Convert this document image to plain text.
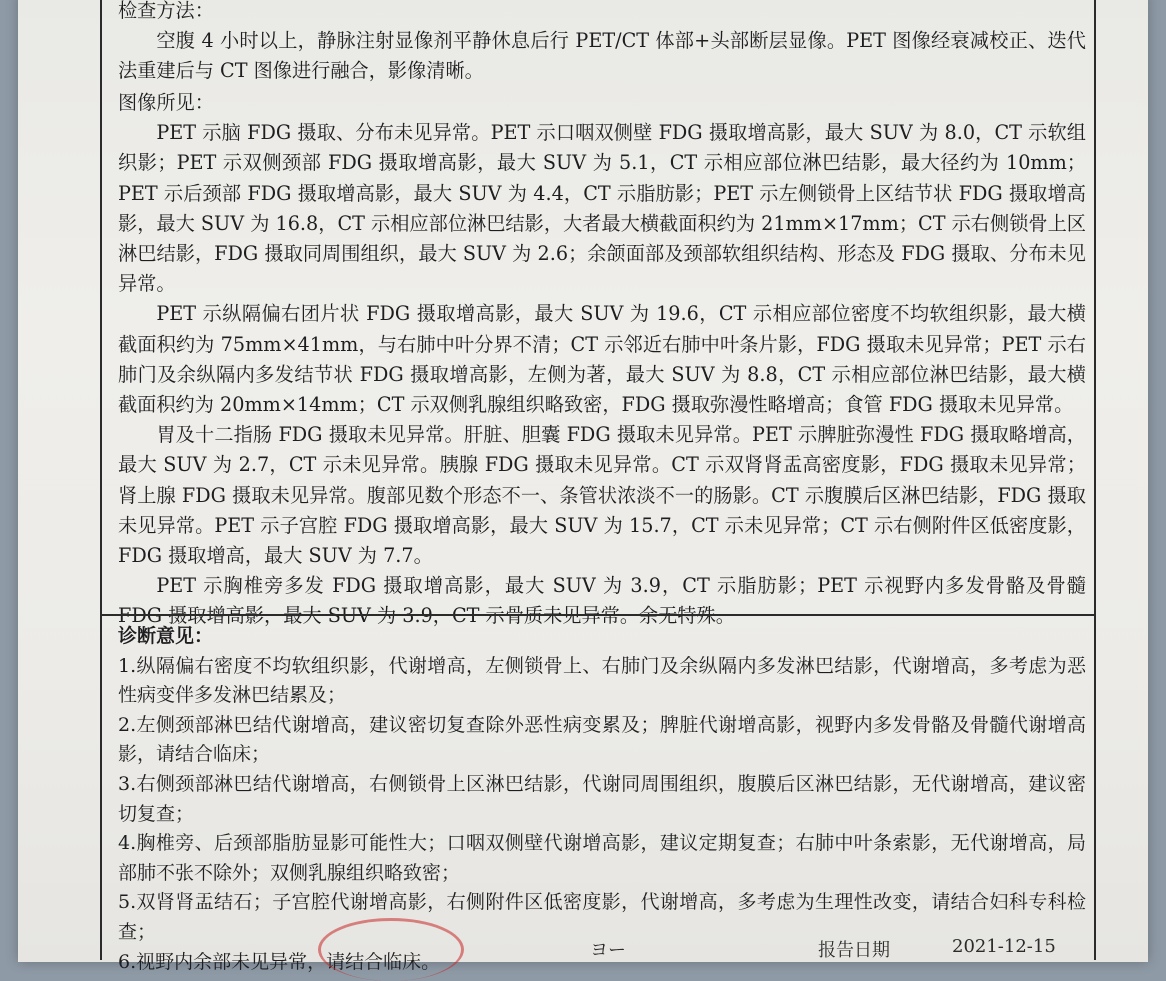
检查方法：

空腹 4 小时以上，静脉注射显像剂平静休息后行 PET/CT 体部+头部断层显像。PET 图像经衰减校正、迭代法重建后与 CT 图像进行融合，影像清晰。

图像所见：

PET 示脑 FDG 摄取、分布未见异常。PET 示口咽双侧壁 FDG 摄取增高影，最大 SUV 为 8.0，CT 示软组织影；PET 示双侧颈部 FDG 摄取增高影，最大 SUV 为 5.1，CT 示相应部位淋巴结影，最大径约为 10mm；PET 示后颈部 FDG 摄取增高影，最大 SUV 为 4.4，CT 示脂肪影；PET 示左侧锁骨上区结节状 FDG 摄取增高影，最大 SUV 为 16.8，CT 示相应部位淋巴结影，大者最大横截面积约为 21mm×17mm；CT 示右侧锁骨上区淋巴结影，FDG 摄取同周围组织，最大 SUV 为 2.6；余颌面部及颈部软组织结构、形态及 FDG 摄取、分布未见异常。

PET 示纵隔偏右团片状 FDG 摄取增高影，最大 SUV 为 19.6，CT 示相应部位密度不均软组织影，最大横截面积约为 75mm×41mm，与右肺中叶分界不清；CT 示邻近右肺中叶条片影，FDG 摄取未见异常；PET 示右肺门及余纵隔内多发结节状 FDG 摄取增高影，左侧为著，最大 SUV 为 8.8，CT 示相应部位淋巴结影，最大横截面积约为 20mm×14mm；CT 示双侧乳腺组织略致密，FDG 摄取弥漫性略增高；食管 FDG 摄取未见异常。

胃及十二指肠 FDG 摄取未见异常。肝脏、胆囊 FDG 摄取未见异常。PET 示脾脏弥漫性 FDG 摄取略增高，最大 SUV 为 2.7，CT 示未见异常。胰腺 FDG 摄取未见异常。CT 示双肾肾盂高密度影，FDG 摄取未见异常；肾上腺 FDG 摄取未见异常。腹部见数个形态不一、条管状浓淡不一的肠影。CT 示腹膜后区淋巴结影，FDG 摄取未见异常。PET 示子宫腔 FDG 摄取增高影，最大 SUV 为 15.7，CT 示未见异常；CT 示右侧附件区低密度影，FDG 摄取增高，最大 SUV 为 7.7。

PET 示胸椎旁多发 FDG 摄取增高影，最大 SUV 为 3.9，CT 示脂肪影；PET 示视野内多发骨骼及骨髓 FDG 摄取增高影，最大 SUV 为 3.9，CT 示骨质未见异常。余无特殊。

诊断意见：
1.纵隔偏右密度不均软组织影，代谢增高，左侧锁骨上、右肺门及余纵隔内多发淋巴结影，代谢增高，多考虑为恶性病变伴多发淋巴结累及；
2.左侧颈部淋巴结代谢增高，建议密切复查除外恶性病变累及；脾脏代谢增高影，视野内多发骨骼及骨髓代谢增高影，请结合临床；
3.右侧颈部淋巴结代谢增高，右侧锁骨上区淋巴结影，代谢同周围组织，腹膜后区淋巴结影，无代谢增高，建议密切复查；
4.胸椎旁、后颈部脂肪显影可能性大；口咽双侧壁代谢增高影，建议定期复查；右肺中叶条索影，无代谢增高，局部肺不张不除外；双侧乳腺组织略致密；
5.双肾肾盂结石；子宫腔代谢增高影，右侧附件区低密度影，代谢增高，多考虑为生理性改变，请结合妇科专科检查；
6.视野内余部未见异常，请结合临床。
ヨー	报告日期	2021-12-15
